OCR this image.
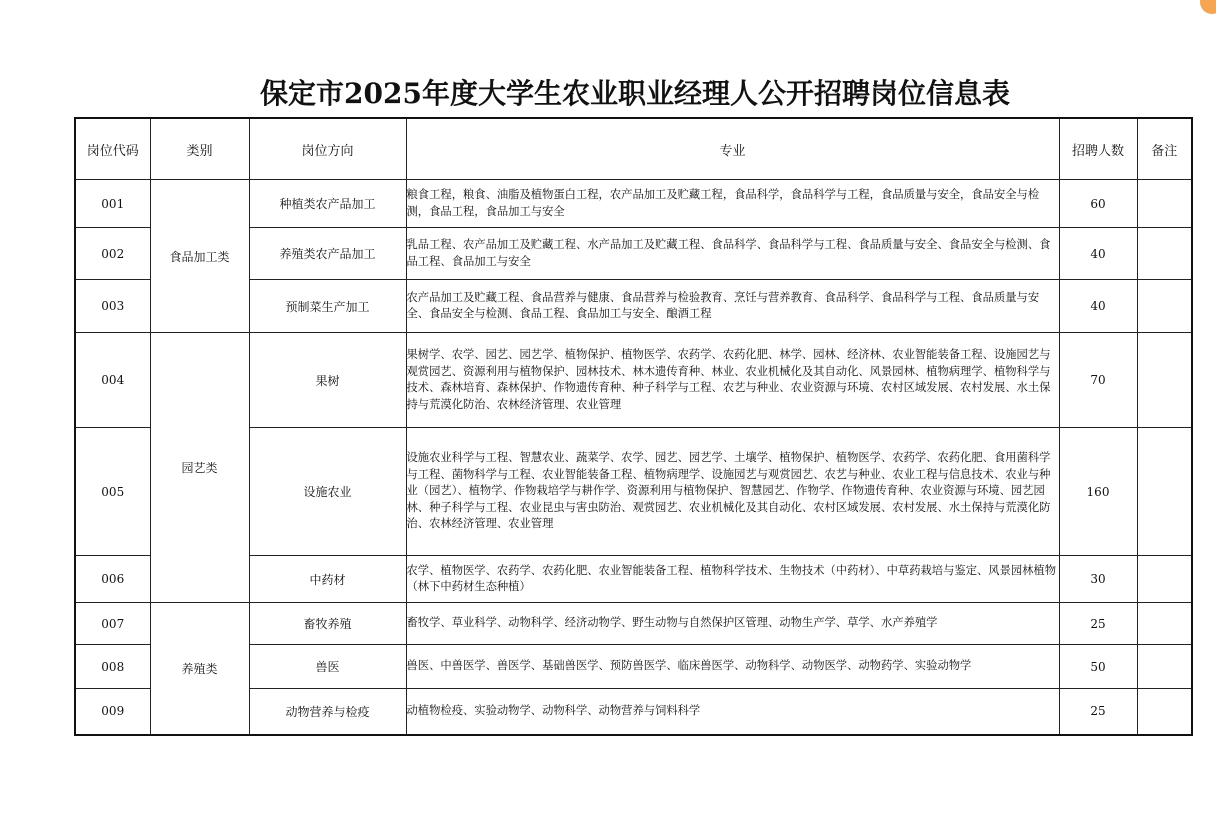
保定市2025年度大学生农业职业经理人公开招聘岗位信息表
岗位代码	类别	岗位方向	专业	招聘人数	备注
001	食品加工类	种植类农产品加工	粮食工程，粮食、油脂及植物蛋白工程，农产品加工及贮藏工程，食品科学，食品科学与工程，食品质量与安全，食品安全与检测，食品工程，食品加工与安全	60	
002		养殖类农产品加工	乳品工程、农产品加工及贮藏工程、水产品加工及贮藏工程、食品科学、食品科学与工程、食品质量与安全、食品安全与检测、食品工程、食品加工与安全	40	
003		预制菜生产加工	农产品加工及贮藏工程、食品营养与健康、食品营养与检验教育、烹饪与营养教育、食品科学、食品科学与工程、食品质量与安全、食品安全与检测、食品工程、食品加工与安全、酿酒工程	40	
004	园艺类	果树	果树学、农学、园艺、园艺学、植物保护、植物医学、农药学、农药化肥、林学、园林、经济林、农业智能装备工程、设施园艺与观赏园艺、资源利用与植物保护、园林技术、林木遗传育种、林业、农业机械化及其自动化、风景园林、植物病理学、植物科学与技术、森林培育、森林保护、作物遗传育种、种子科学与工程、农艺与种业、农业资源与环境、农村区域发展、农村发展、水土保持与荒漠化防治、农林经济管理、农业管理	70	
005		设施农业	设施农业科学与工程、智慧农业、蔬菜学、农学、园艺、园艺学、土壤学、植物保护、植物医学、农药学、农药化肥、食用菌科学与工程、菌物科学与工程、农业智能装备工程、植物病理学、设施园艺与观赏园艺、农艺与种业、农业工程与信息技术、农业与种业（园艺）、植物学、作物栽培学与耕作学、资源利用与植物保护、智慧园艺、作物学、作物遗传育种、农业资源与环境、园艺园林、种子科学与工程、农业昆虫与害虫防治、观赏园艺、农业机械化及其自动化、农村区域发展、农村发展、水土保持与荒漠化防治、农林经济管理、农业管理	160	
006		中药材	农学、植物医学、农药学、农药化肥、农业智能装备工程、植物科学技术、生物技术（中药材）、中草药栽培与鉴定、风景园林植物（林下中药材生态种植）	30	
007	养殖类	畜牧养殖	畜牧学、草业科学、动物科学、经济动物学、野生动物与自然保护区管理、动物生产学、草学、水产养殖学	25	
008		兽医	兽医、中兽医学、兽医学、基础兽医学、预防兽医学、临床兽医学、动物科学、动物医学、动物药学、实验动物学	50	
009		动物营养与检疫	动植物检疫、实验动物学、动物科学、动物营养与饲料科学	25	
